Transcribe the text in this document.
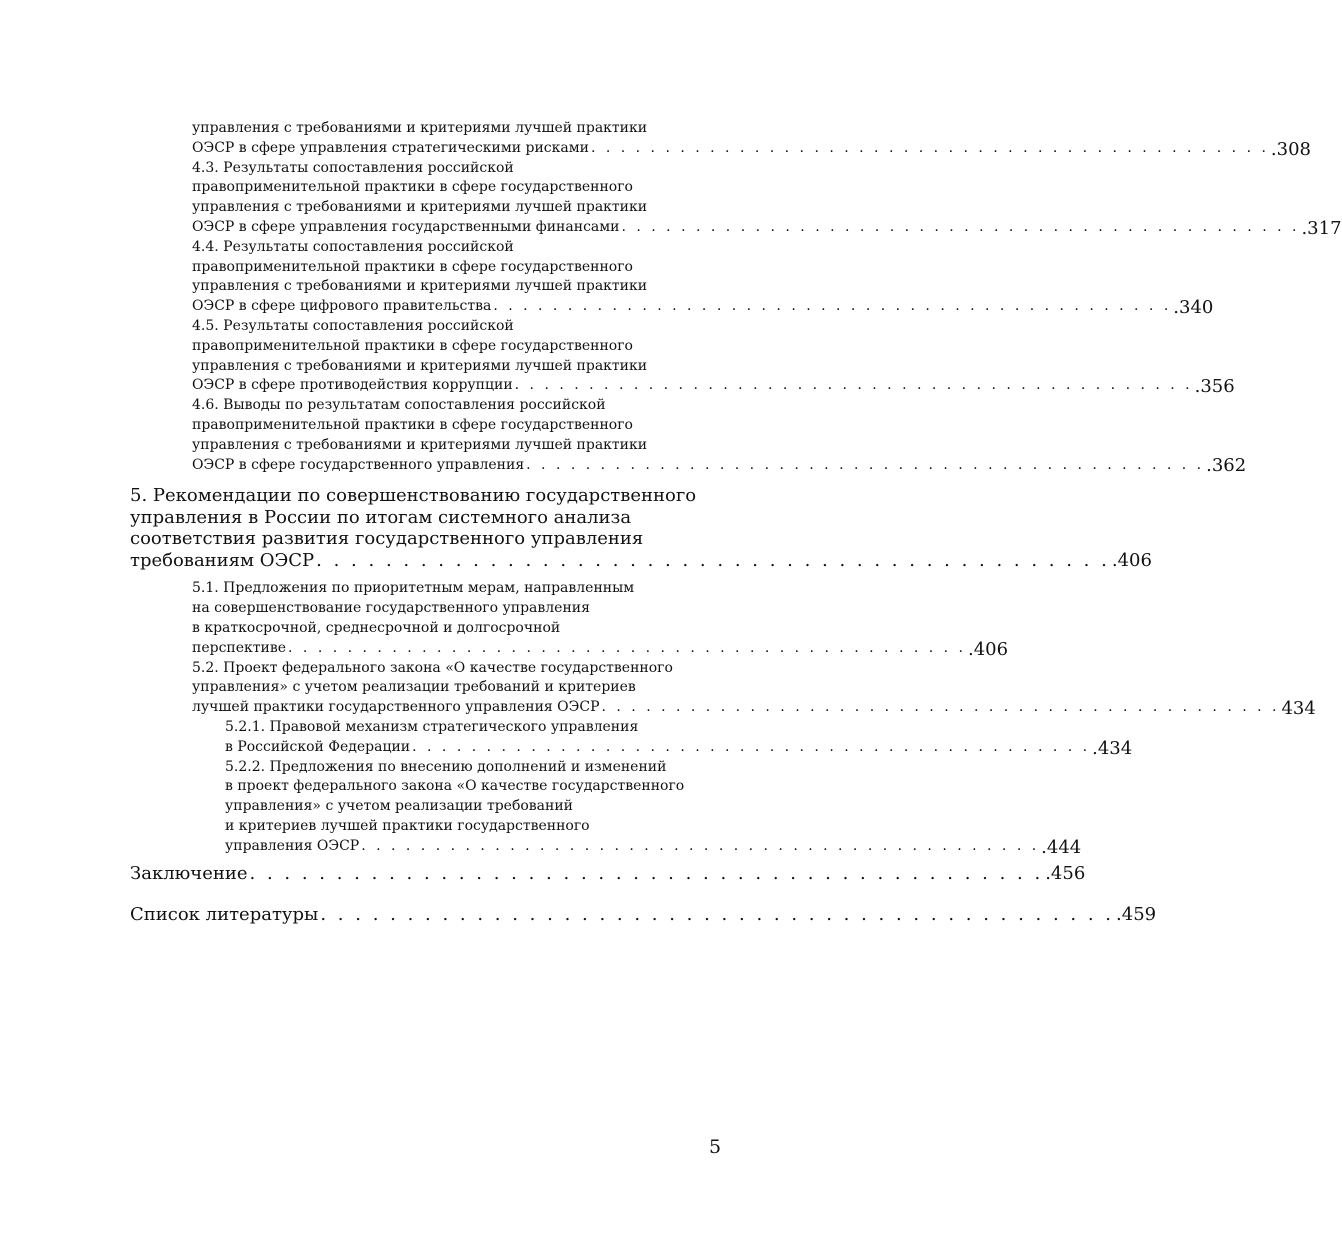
управления с требованиями и критериями лучшей практики
ОЭСР в сфере управления стратегическими рисками . . . . . . . . . . . . . . . . . . . . . . . . . . . . . . . . . . . . . . . . . . . . . . .308
4.3. Результаты сопоставления российской
правоприменительной практики в сфере государственного
управления с требованиями и критериями лучшей практики
ОЭСР в сфере управления государственными финансами . . . . . . . . . . . . . . . . . . . . . . . . . . . . . . . . . . . . . . . . . . . . . . .317
4.4. Результаты сопоставления российской
правоприменительной практики в сфере государственного
управления с требованиями и критериями лучшей практики
ОЭСР в сфере цифрового правительства . . . . . . . . . . . . . . . . . . . . . . . . . . . . . . . . . . . . . . . . . . . . . . .340
4.5. Результаты сопоставления российской
правоприменительной практики в сфере государственного
управления с требованиями и критериями лучшей практики
ОЭСР в сфере противодействия коррупции . . . . . . . . . . . . . . . . . . . . . . . . . . . . . . . . . . . . . . . . . . . . . . .356
4.6. Выводы по результатам сопоставления российской
правоприменительной практики в сфере государственного
управления с требованиями и критериями лучшей практики
ОЭСР в сфере государственного управления . . . . . . . . . . . . . . . . . . . . . . . . . . . . . . . . . . . . . . . . . . . . . . .362
5. Рекомендации по совершенствованию государственного
управления в России по итогам системного анализа
соответствия развития государственного управления
требованиям ОЭСР . . . . . . . . . . . . . . . . . . . . . . . . . . . . . . . . . . . . . . . . . . . . . . .406
5.1. Предложения по приоритетным мерам, направленным
на совершенствование государственного управления
в краткосрочной, среднесрочной и долгосрочной
перспективе . . . . . . . . . . . . . . . . . . . . . . . . . . . . . . . . . . . . . . . . . . . . . . .406
5.2. Проект федерального закона «О качестве государственного
управления» с учетом реализации требований и критериев
лучшей практики государственного управления ОЭСР . . . . . . . . . . . . . . . . . . . . . . . . . . . . . . . . . . . . . . . . . . . . . . 434
5.2.1. Правовой механизм стратегического управления
в Российской Федерации . . . . . . . . . . . . . . . . . . . . . . . . . . . . . . . . . . . . . . . . . . . . . . .434
5.2.2. Предложения по внесению дополнений и изменений
в проект федерального закона «О качестве государственного
управления» с учетом реализации требований
и критериев лучшей практики государственного
управления ОЭСР . . . . . . . . . . . . . . . . . . . . . . . . . . . . . . . . . . . . . . . . . . . . . . .444
Заключение . . . . . . . . . . . . . . . . . . . . . . . . . . . . . . . . . . . . . . . . . . . . . . .456
Список литературы . . . . . . . . . . . . . . . . . . . . . . . . . . . . . . . . . . . . . . . . . . . . . . .459
5
